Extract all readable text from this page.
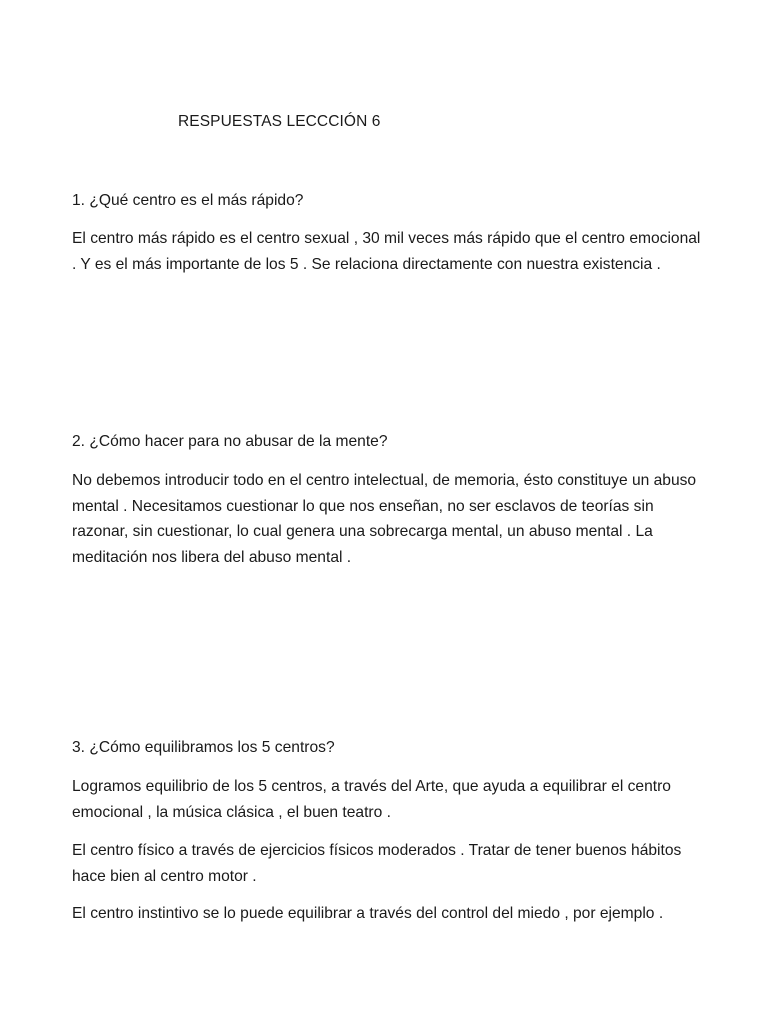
RESPUESTAS LECCCIÓN 6
1. ¿Qué centro es el más rápido?

El centro más rápido es el centro sexual , 30 mil veces más rápido que el centro emocional . Y es el más importante de los 5 . Se relaciona directamente con nuestra existencia .

2. ¿Cómo hacer para no abusar de la mente?

No debemos introducir todo en el centro intelectual, de memoria, ésto constituye un abuso mental . Necesitamos cuestionar lo que nos enseñan, no ser esclavos de teorías sin razonar, sin cuestionar, lo cual genera una sobrecarga mental, un abuso mental . La meditación nos libera del abuso mental .

3. ¿Cómo equilibramos los 5 centros?

Logramos equilibrio de los 5 centros, a través del Arte, que ayuda a equilibrar el centro emocional , la música clásica , el buen teatro .

El centro físico a través de ejercicios físicos moderados . Tratar de tener buenos hábitos hace bien al centro motor .

El centro instintivo se lo puede equilibrar a través del control del miedo , por ejemplo .
